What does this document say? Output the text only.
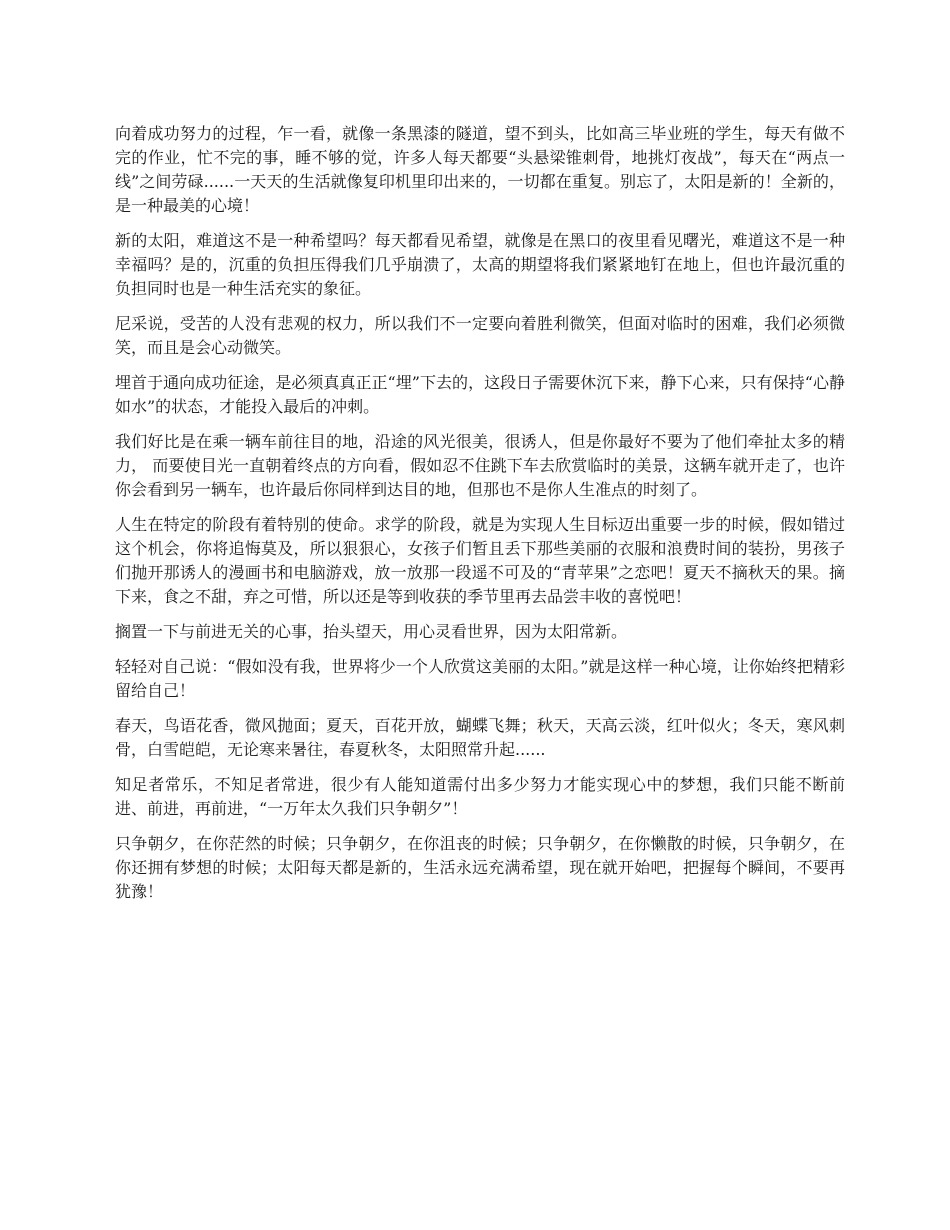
向着成功努力的过程，乍一看，就像一条黑漆的隧道，望不到头，比如高三毕业班的学生，每天有做不完的作业，忙不完的事，睡不够的觉，许多人每天都要“头悬梁锥刺骨，地挑灯夜战”，每天在“两点一线”之间劳碌......一天天的生活就像复印机里印出来的，一切都在重复。别忘了，太阳是新的！全新的，是一种最美的心境！

新的太阳，难道这不是一种希望吗？每天都看见希望，就像是在黑口的夜里看见曙光，难道这不是一种幸福吗？是的，沉重的负担压得我们几乎崩溃了，太高的期望将我们紧紧地钉在地上，但也许最沉重的负担同时也是一种生活充实的象征。

尼采说，受苦的人没有悲观的权力，所以我们不一定要向着胜利微笑，但面对临时的困难，我们必须微笑，而且是会心动微笑。

埋首于通向成功征途，是必须真真正正“埋”下去的，这段日子需要休沉下来，静下心来，只有保持“心静如水”的状态，才能投入最后的冲刺。

我们好比是在乘一辆车前往目的地，沿途的风光很美，很诱人，但是你最好不要为了他们牵扯太多的精力， 而要使目光一直朝着终点的方向看，假如忍不住跳下车去欣赏临时的美景，这辆车就开走了，也许你会看到另一辆车，也许最后你同样到达目的地，但那也不是你人生准点的时刻了。

人生在特定的阶段有着特别的使命。求学的阶段，就是为实现人生目标迈出重要一步的时候，假如错过这个机会，你将追悔莫及，所以狠狠心，女孩子们暂且丢下那些美丽的衣服和浪费时间的装扮，男孩子们抛开那诱人的漫画书和电脑游戏，放一放那一段遥不可及的“青苹果”之恋吧！夏天不摘秋天的果。摘下来，食之不甜，弃之可惜，所以还是等到收获的季节里再去品尝丰收的喜悦吧！

搁置一下与前进无关的心事，抬头望天，用心灵看世界，因为太阳常新。

轻轻对自己说：“假如没有我，世界将少一个人欣赏这美丽的太阳。”就是这样一种心境，让你始终把精彩留给自己！

春天，鸟语花香，微风抛面；夏天，百花开放，蝴蝶飞舞；秋天，天高云淡，红叶似火；冬天，寒风刺骨，白雪皑皑，无论寒来暑往，春夏秋冬，太阳照常升起......

知足者常乐，不知足者常进，很少有人能知道需付出多少努力才能实现心中的梦想，我们只能不断前进、前进，再前进，“一万年太久我们只争朝夕”！

只争朝夕，在你茫然的时候；只争朝夕，在你沮丧的时候；只争朝夕，在你懒散的时候，只争朝夕，在你还拥有梦想的时候；太阳每天都是新的，生活永远充满希望，现在就开始吧，把握每个瞬间，不要再犹豫！
